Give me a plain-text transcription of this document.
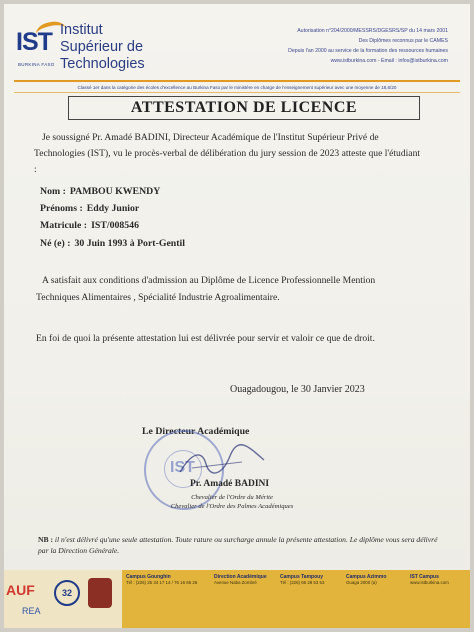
IST
BURKINA FASO
Institut
Supérieur de
Technologies
Autorisation n°204/2000/MESSRS/DGESRS/SP du 14 mars 2001
Des Diplômes reconnus par le CAMES
Depuis l'an 2000 au service de la formation des ressources humaines
www.istburkina.com - Email : infos@istburkina.com
Classé 1er dans la catégorie des écoles d'excellence au Burkina Faso par le ministère en charge de l'enseignement supérieur avec une moyenne de 18,6/20
ATTESTATION DE LICENCE
Je soussigné Pr. Amadé BADINI, Directeur Académique de l'Institut Supérieur Privé de Technologies (IST), vu le procès-verbal de délibération du jury session de 2023 atteste que l'étudiant :
Nom : PAMBOU KWENDY
Prénoms : Eddy Junior
Matricule : IST/008546
Né (e) : 30 Juin 1993 à Port-Gentil
A satisfait aux conditions d'admission au Diplôme de Licence Professionnelle Mention Techniques Alimentaires , Spécialité Industrie Agroalimentaire.
En foi de quoi la présente attestation lui est délivrée pour servir et valoir ce que de droit.
Ouagadougou, le 30 Janvier 2023
Le Directeur Académique
IST
Pr. Amadé BADINI
Chevalier de l'Ordre du Mérite
Chevalier de l'Ordre des Palmes Académiques
NB : il n'est délivré qu'une seule attestation. Toute rature ou surcharge annule la présente attestation. Le diplôme vous sera délivré par la Direction Générale.
AUF
REA
32
Campus Gounghin
Tél : (226) 25 34 17 14 / 76 16 66 25
Direction Académique
Avenue Naba Zombré
Campus Tampouy
Tél : (226) 66 28 53 53
Campus Azimmo
Ouaga 2000 (a)
IST Campus
www.istburkina.com
